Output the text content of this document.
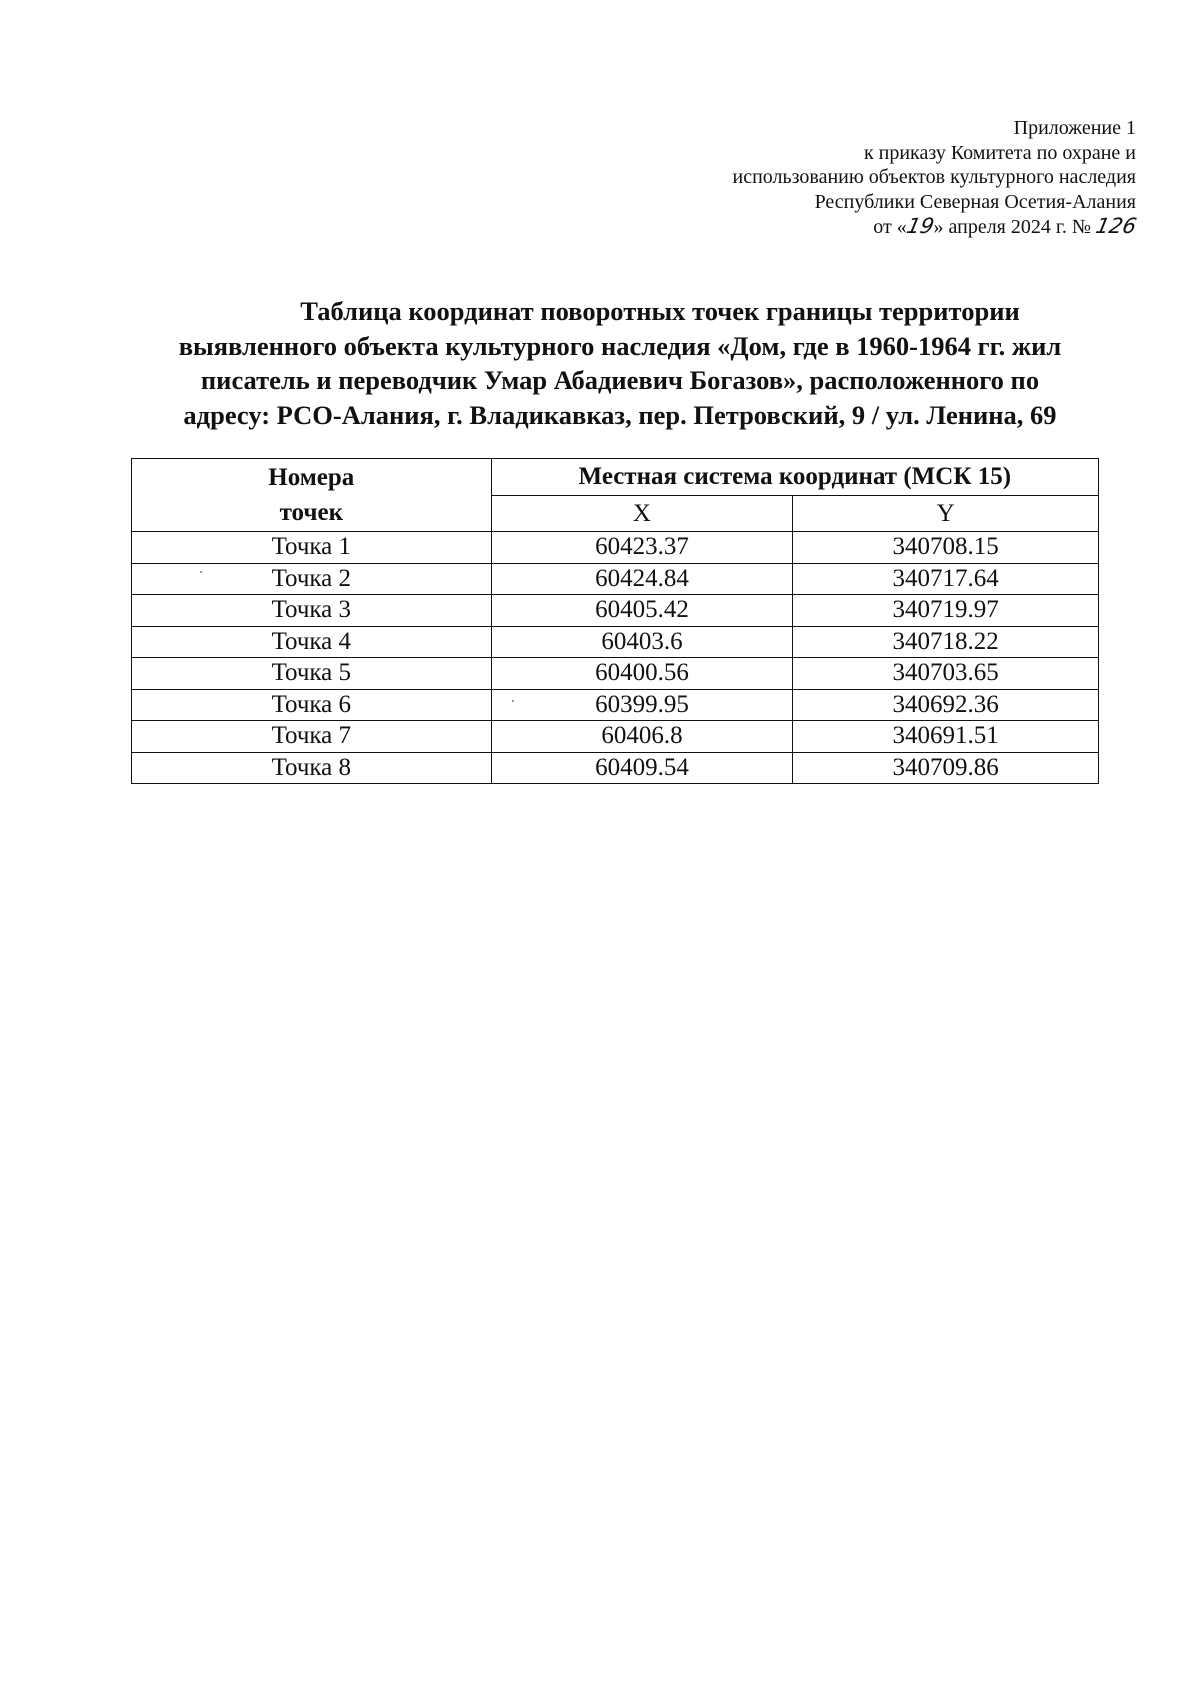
Приложение 1
к приказу Комитета по охране и
использованию объектов культурного наследия
Республики Северная Осетия-Алания
от «19» апреля 2024 г. № 126
Таблица координат поворотных точек границы территории
выявленного объекта культурного наследия «Дом, где в 1960-1964 гг. жил
писатель и переводчик Умар Абадиевич Богазов», расположенного по
адресу: РСО-Алания, г. Владикавказ, пер. Петровский, 9 / ул. Ленина, 69
Номера
точек	Местная система координат (МСК 15)	
	X	Y
Точка 1	60423.37	340708.15
Точка 2	60424.84	340717.64
Точка 3	60405.42	340719.97
Точка 4	60403.6	340718.22
Точка 5	60400.56	340703.65
Точка 6	60399.95	340692.36
Точка 7	60406.8	340691.51
Точка 8	60409.54	340709.86
